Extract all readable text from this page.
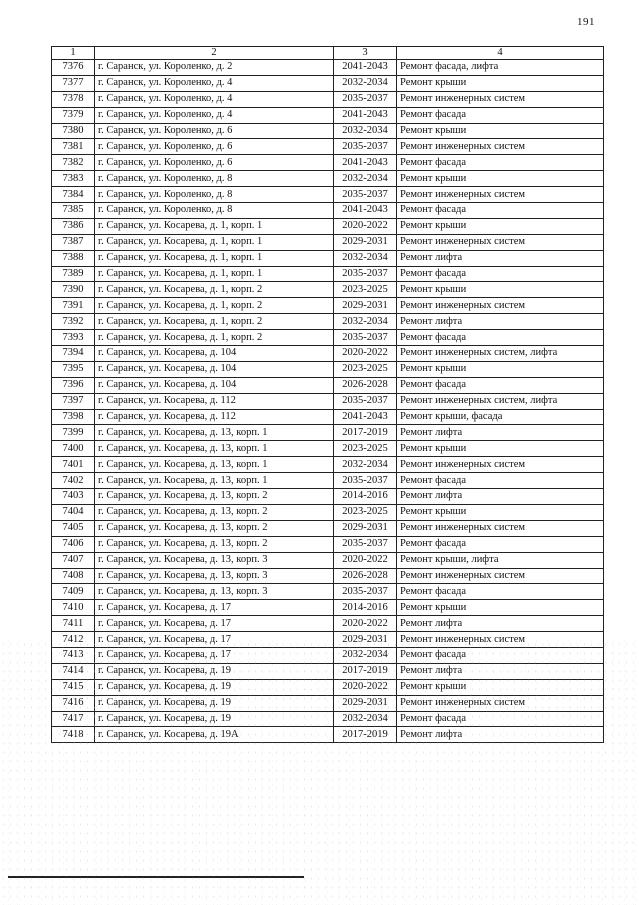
191
1	2	3	4
7376	г. Саранск, ул. Короленко, д. 2	2041-2043	Ремонт фасада, лифта
7377	г. Саранск, ул. Короленко, д. 4	2032-2034	Ремонт крыши
7378	г. Саранск, ул. Короленко, д. 4	2035-2037	Ремонт инженерных систем
7379	г. Саранск, ул. Короленко, д. 4	2041-2043	Ремонт фасада
7380	г. Саранск, ул. Короленко, д. 6	2032-2034	Ремонт крыши
7381	г. Саранск, ул. Короленко, д. 6	2035-2037	Ремонт инженерных систем
7382	г. Саранск, ул. Короленко, д. 6	2041-2043	Ремонт фасада
7383	г. Саранск, ул. Короленко, д. 8	2032-2034	Ремонт крыши
7384	г. Саранск, ул. Короленко, д. 8	2035-2037	Ремонт инженерных систем
7385	г. Саранск, ул. Короленко, д. 8	2041-2043	Ремонт фасада
7386	г. Саранск, ул. Косарева, д. 1, корп. 1	2020-2022	Ремонт крыши
7387	г. Саранск, ул. Косарева, д. 1, корп. 1	2029-2031	Ремонт инженерных систем
7388	г. Саранск, ул. Косарева, д. 1, корп. 1	2032-2034	Ремонт лифта
7389	г. Саранск, ул. Косарева, д. 1, корп. 1	2035-2037	Ремонт фасада
7390	г. Саранск, ул. Косарева, д. 1, корп. 2	2023-2025	Ремонт крыши
7391	г. Саранск, ул. Косарева, д. 1, корп. 2	2029-2031	Ремонт инженерных систем
7392	г. Саранск, ул. Косарева, д. 1, корп. 2	2032-2034	Ремонт лифта
7393	г. Саранск, ул. Косарева, д. 1, корп. 2	2035-2037	Ремонт фасада
7394	г. Саранск, ул. Косарева, д. 104	2020-2022	Ремонт инженерных систем, лифта
7395	г. Саранск, ул. Косарева, д. 104	2023-2025	Ремонт крыши
7396	г. Саранск, ул. Косарева, д. 104	2026-2028	Ремонт фасада
7397	г. Саранск, ул. Косарева, д. 112	2035-2037	Ремонт инженерных систем, лифта
7398	г. Саранск, ул. Косарева, д. 112	2041-2043	Ремонт крыши, фасада
7399	г. Саранск, ул. Косарева, д. 13, корп. 1	2017-2019	Ремонт лифта
7400	г. Саранск, ул. Косарева, д. 13, корп. 1	2023-2025	Ремонт крыши
7401	г. Саранск, ул. Косарева, д. 13, корп. 1	2032-2034	Ремонт инженерных систем
7402	г. Саранск, ул. Косарева, д. 13, корп. 1	2035-2037	Ремонт фасада
7403	г. Саранск, ул. Косарева, д. 13, корп. 2	2014-2016	Ремонт лифта
7404	г. Саранск, ул. Косарева, д. 13, корп. 2	2023-2025	Ремонт крыши
7405	г. Саранск, ул. Косарева, д. 13, корп. 2	2029-2031	Ремонт инженерных систем
7406	г. Саранск, ул. Косарева, д. 13, корп. 2	2035-2037	Ремонт фасада
7407	г. Саранск, ул. Косарева, д. 13, корп. 3	2020-2022	Ремонт крыши, лифта
7408	г. Саранск, ул. Косарева, д. 13, корп. 3	2026-2028	Ремонт инженерных систем
7409	г. Саранск, ул. Косарева, д. 13, корп. 3	2035-2037	Ремонт фасада
7410	г. Саранск, ул. Косарева, д. 17	2014-2016	Ремонт крыши
7411	г. Саранск, ул. Косарева, д. 17	2020-2022	Ремонт лифта
7412	г. Саранск, ул. Косарева, д. 17	2029-2031	Ремонт инженерных систем
7413	г. Саранск, ул. Косарева, д. 17	2032-2034	Ремонт фасада
7414	г. Саранск, ул. Косарева, д. 19	2017-2019	Ремонт лифта
7415	г. Саранск, ул. Косарева, д. 19	2020-2022	Ремонт крыши
7416	г. Саранск, ул. Косарева, д. 19	2029-2031	Ремонт инженерных систем
7417	г. Саранск, ул. Косарева, д. 19	2032-2034	Ремонт фасада
7418	г. Саранск, ул. Косарева, д. 19А	2017-2019	Ремонт лифта
